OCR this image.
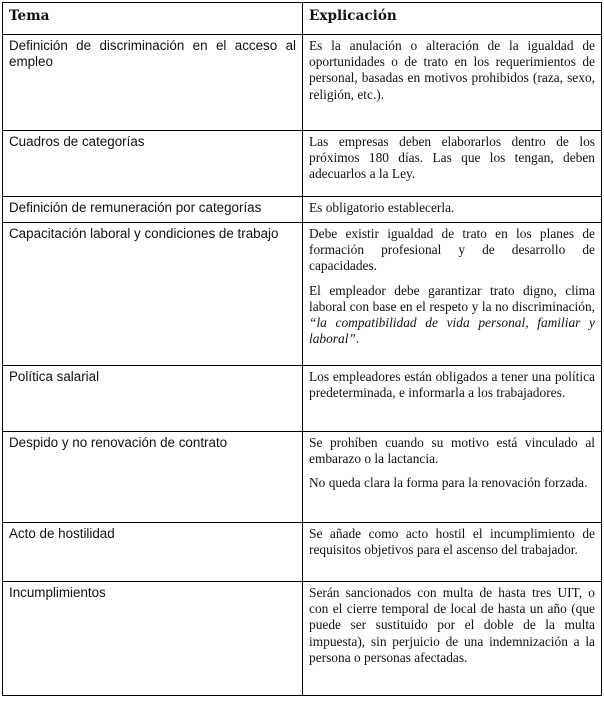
Tema	Explicación
Definición de discriminación en el acceso al empleo	Es la anulación o alteración de la igualdad de oportunidades o de trato en los requerimientos de personal, basadas en motivos prohibidos (raza, sexo, religión, etc.).

Cuadros de categorías	Las empresas deben elaborarlos dentro de los próximos 180 días. Las que los tengan, deben adecuarlos a la Ley.

Definición de remuneración por categorías	Es obligatorio establecerla.

Capacitación laboral y condiciones de trabajo	Debe existir igualdad de trato en los planes de formación profesional y de desarrollo de capacidades.

El empleador debe garantizar trato digno, clima laboral con base en el respeto y la no discriminación, “la compatibilidad de vida personal, familiar y laboral”.

Política salarial	Los empleadores están obligados a tener una política predeterminada, e informarla a los trabajadores.

Despido y no renovación de contrato	Se prohíben cuando su motivo está vinculado al embarazo o la lactancia.

No queda clara la forma para la renovación forzada.

Acto de hostilidad	Se añade como acto hostil el incumplimiento de requisitos objetivos para el ascenso del trabajador.

Incumplimientos	Serán sancionados con multa de hasta tres UIT, o con el cierre temporal de local de hasta un año (que puede ser sustituido por el doble de la multa impuesta), sin perjuicio de una indemnización a la persona o personas afectadas.
